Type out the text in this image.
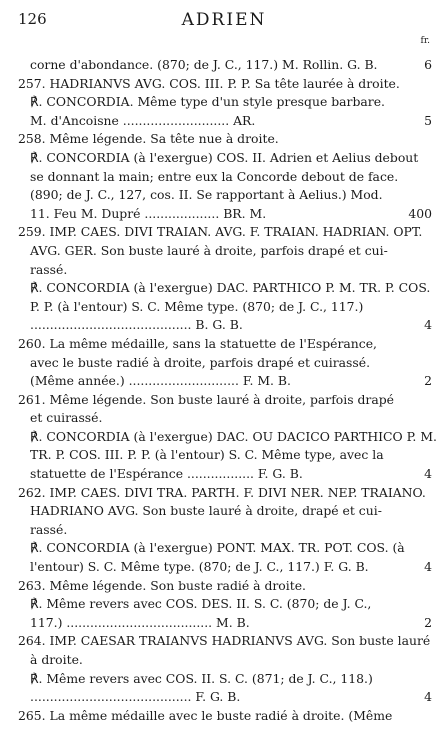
126	ADRIEN
fr.
corne d'abondance. (870; de J. C., 117.) M. Rollin. G. B.	6
257. HADRIANVS AVG. COS. III. P. P. Sa tête laurée à droite.
℟. CONCORDIA. Même type d'un style presque barbare.
M. d'Ancoisne ........................... AR.	5
258. Même légende. Sa tête nue à droite.
℟. CONCORDIA (à l'exergue) COS. II. Adrien et Aelius debout
se donnant la main; entre eux la Concorde debout de face.
(890; de J. C., 127, cos. II. Se rapportant à Aelius.) Mod.
11. Feu M. Dupré ................... BR. M.	400
259. IMP. CAES. DIVI TRAIAN. AVG. F. TRAIAN. HADRIAN. OPT.
AVG. GER. Son buste lauré à droite, parfois drapé et cui-
rassé.
℟. CONCORDIA (à l'exergue) DAC. PARTHICO P. M. TR. P. COS.
P. P. (à l'entour) S. C. Même type. (870; de J. C., 117.)
......................................... B. G. B.	4
260. La même médaille, sans la statuette de l'Espérance,
avec le buste radié à droite, parfois drapé et cuirassé.
(Même année.) ............................ F. M. B.	2
261. Même légende. Son buste lauré à droite, parfois drapé
et cuirassé.
℟. CONCORDIA (à l'exergue) DAC. OU DACICO PARTHICO P. M.
TR. P. COS. III. P. P. (à l'entour) S. C. Même type, avec la
statuette de l'Espérance ................. F. G. B.	4
262. IMP. CAES. DIVI TRA. PARTH. F. DIVI NER. NEP. TRAIANO.
HADRIANO AVG. Son buste lauré à droite, drapé et cui-
rassé.
℟. CONCORDIA (à l'exergue) PONT. MAX. TR. POT. COS. (à
l'entour) S. C. Même type. (870; de J. C., 117.) F. G. B.	4
263. Même légende. Son buste radié à droite.
℟. Même revers avec COS. DES. II. S. C. (870; de J. C.,
117.) ..................................... M. B.	2
264. IMP. CAESAR TRAIANVS HADRIANVS AVG. Son buste lauré
à droite.
℟. Même revers avec COS. II. S. C. (871; de J. C., 118.)
......................................... F. G. B.	4
265. La même médaille avec le buste radié à droite. (Même
